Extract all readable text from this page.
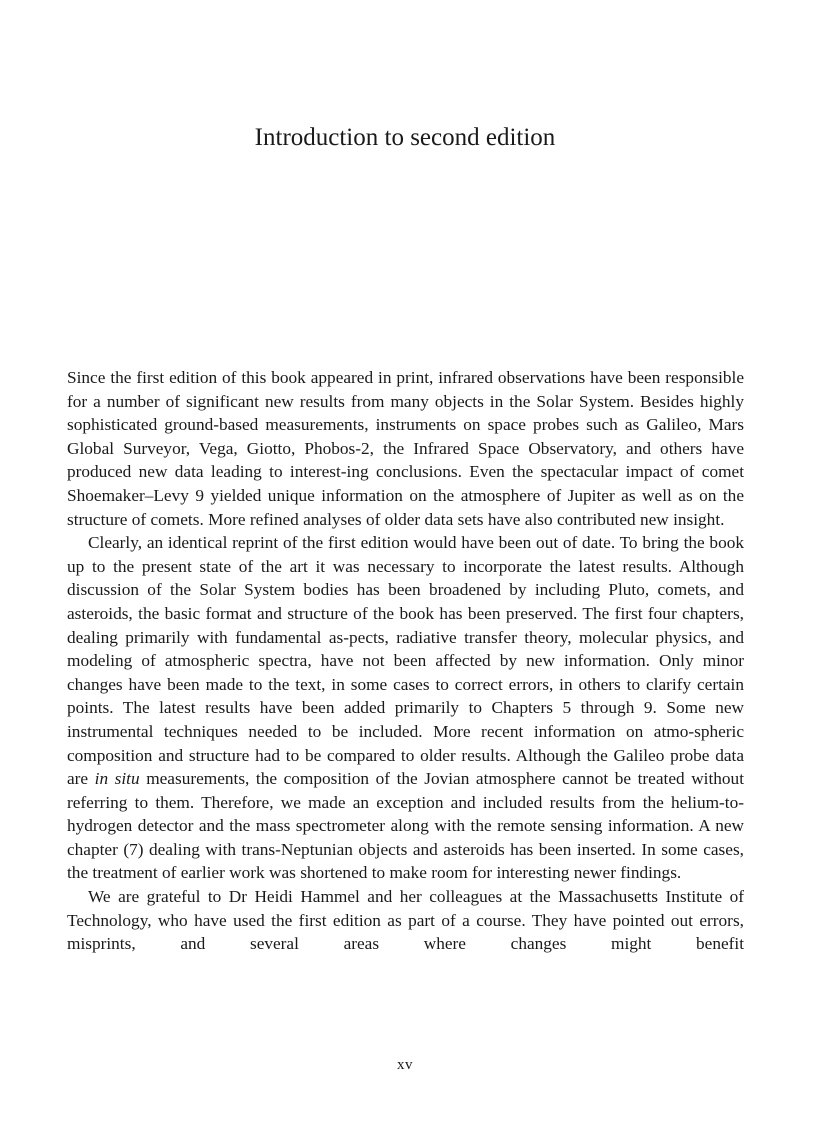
Introduction to second edition

Since the first edition of this book appeared in print, infrared observations have been responsible for a number of significant new results from many objects in the Solar System. Besides highly sophisticated ground-based measurements, instruments on space probes such as Galileo, Mars Global Surveyor, Vega, Giotto, Phobos-2, the Infrared Space Observatory, and others have produced new data leading to interest-ing conclusions. Even the spectacular impact of comet Shoemaker–Levy 9 yielded unique information on the atmosphere of Jupiter as well as on the structure of comets. More refined analyses of older data sets have also contributed new insight.

Clearly, an identical reprint of the first edition would have been out of date. To bring the book up to the present state of the art it was necessary to incorporate the latest results. Although discussion of the Solar System bodies has been broadened by including Pluto, comets, and asteroids, the basic format and structure of the book has been preserved. The first four chapters, dealing primarily with fundamental as-pects, radiative transfer theory, molecular physics, and modeling of atmospheric spectra, have not been affected by new information. Only minor changes have been made to the text, in some cases to correct errors, in others to clarify certain points. The latest results have been added primarily to Chapters 5 through 9. Some new instrumental techniques needed to be included. More recent information on atmo-spheric composition and structure had to be compared to older results. Although the Galileo probe data are in situ measurements, the composition of the Jovian atmosphere cannot be treated without referring to them. Therefore, we made an exception and included results from the helium-to-hydrogen detector and the mass spectrometer along with the remote sensing information. A new chapter (7) dealing with trans-Neptunian objects and asteroids has been inserted. In some cases, the treatment of earlier work was shortened to make room for interesting newer findings.

We are grateful to Dr Heidi Hammel and her colleagues at the Massachusetts Institute of Technology, who have used the first edition as part of a course. They have pointed out errors, misprints, and several areas where changes might benefit

xv
